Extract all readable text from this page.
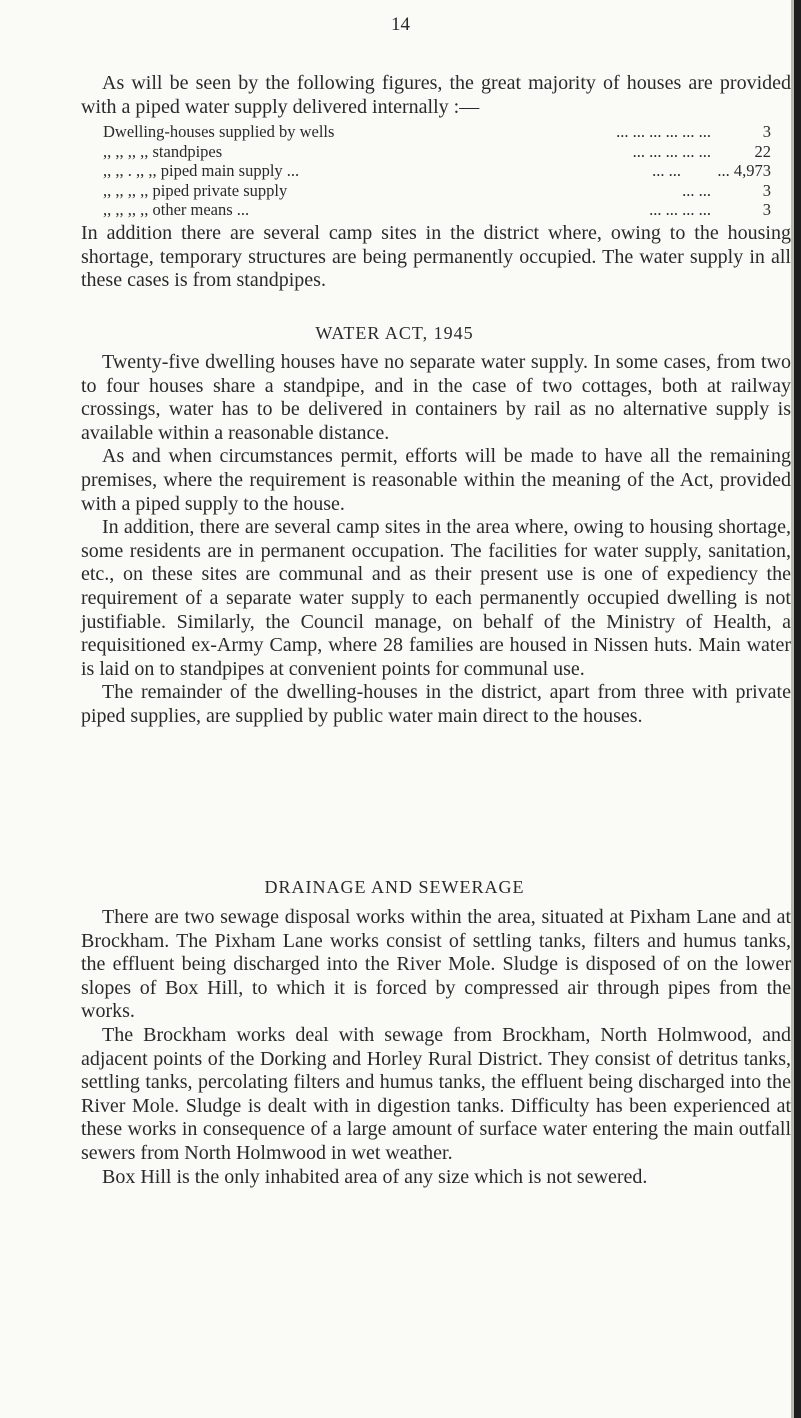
14

As will be seen by the following figures, the great majority of houses are provided with a piped water supply delivered internally :—

Dwelling-houses supplied by wells	... ... ... ... ... ...	3
,, ,, ,, ,, standpipes	... ... ... ... ...	22
,, ,, . ,, ,, piped main supply ...	... ...	... 4,973
,, ,, ,, ,, piped private supply	... ...	3
,, ,, ,, ,, other means ...	... ... ... ...	3

In addition there are several camp sites in the district where, owing to the housing shortage, temporary structures are being permanently occupied. The water supply in all these cases is from standpipes.

WATER ACT, 1945

Twenty-five dwelling houses have no separate water supply. In some cases, from two to four houses share a standpipe, and in the case of two cottages, both at railway crossings, water has to be delivered in containers by rail as no alternative supply is available within a reasonable distance.

As and when circumstances permit, efforts will be made to have all the remaining premises, where the requirement is reasonable within the meaning of the Act, provided with a piped supply to the house.

In addition, there are several camp sites in the area where, owing to housing shortage, some residents are in permanent occupation. The facilities for water supply, sanitation, etc., on these sites are communal and as their present use is one of expediency the requirement of a separate water supply to each permanently occupied dwelling is not justifiable. Similarly, the Council manage, on behalf of the Ministry of Health, a requisitioned ex-Army Camp, where 28 families are housed in Nissen huts. Main water is laid on to standpipes at convenient points for communal use.

The remainder of the dwelling-houses in the district, apart from three with private piped supplies, are supplied by public water main direct to the houses.

DRAINAGE AND SEWERAGE

There are two sewage disposal works within the area, situated at Pixham Lane and at Brockham. The Pixham Lane works consist of settling tanks, filters and humus tanks, the effluent being discharged into the River Mole. Sludge is disposed of on the lower slopes of Box Hill, to which it is forced by compressed air through pipes from the works.

The Brockham works deal with sewage from Brockham, North Holmwood, and adjacent points of the Dorking and Horley Rural District. They consist of detritus tanks, settling tanks, percolating filters and humus tanks, the effluent being discharged into the River Mole. Sludge is dealt with in digestion tanks. Difficulty has been experienced at these works in consequence of a large amount of surface water entering the main outfall sewers from North Holmwood in wet weather.

Box Hill is the only inhabited area of any size which is not sewered.
